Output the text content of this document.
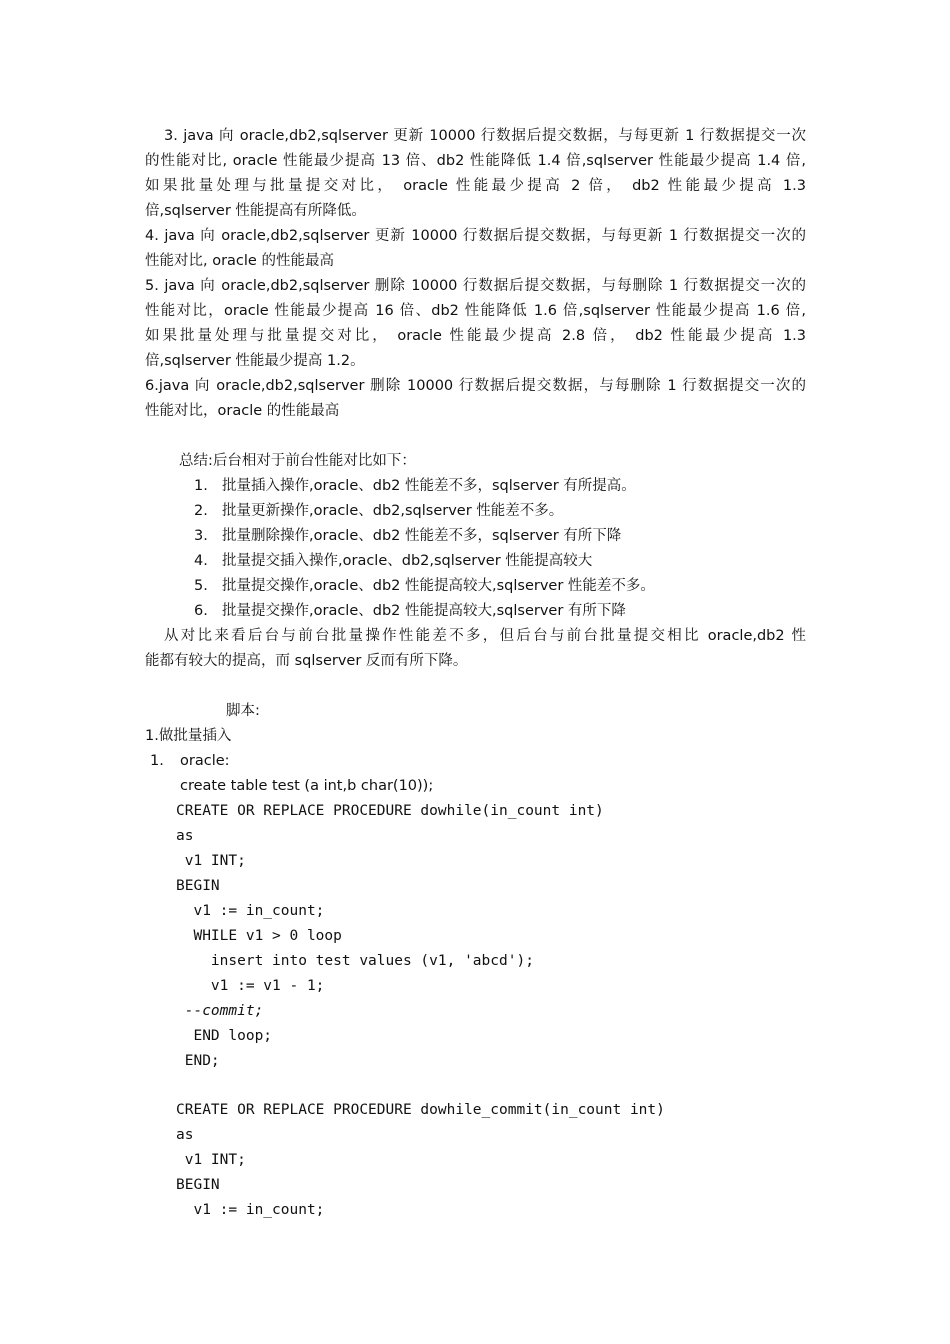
3. java 向 oracle,db2,sqlserver 更新 10000 行数据后提交数据，与每更新 1 行数据提交一次
的性能对比, oracle 性能最少提高 13 倍、db2 性能降低 1.4 倍,sqlserver 性能最少提高 1.4 倍,
如果批量处理与批量提交对比， oracle 性能最少提高 2 倍， db2 性能最少提高 1.3
倍,sqlserver 性能提高有所降低。
4. java 向 oracle,db2,sqlserver 更新 10000 行数据后提交数据，与每更新 1 行数据提交一次的
性能对比, oracle 的性能最高
5. java 向 oracle,db2,sqlserver 删除 10000 行数据后提交数据，与每删除 1 行数据提交一次的
性能对比，oracle 性能最少提高 16 倍、db2 性能降低 1.6 倍,sqlserver 性能最少提高 1.6 倍,
如果批量处理与批量提交对比， oracle 性能最少提高 2.8 倍， db2 性能最少提高 1.3
倍,sqlserver 性能最少提高 1.2。
6.java 向 oracle,db2,sqlserver 删除 10000 行数据后提交数据，与每删除 1 行数据提交一次的
性能对比，oracle 的性能最高
总结:后台相对于前台性能对比如下：
1. 批量插入操作,oracle、db2 性能差不多，sqlserver 有所提高。
2. 批量更新操作,oracle、db2,sqlserver 性能差不多。
3. 批量删除操作,oracle、db2 性能差不多，sqlserver 有所下降
4. 批量提交插入操作,oracle、db2,sqlserver 性能提高较大
5. 批量提交操作,oracle、db2 性能提高较大,sqlserver 性能差不多。
6. 批量提交操作,oracle、db2 性能提高较大,sqlserver 有所下降
从对比来看后台与前台批量操作性能差不多，但后台与前台批量提交相比 oracle,db2 性
能都有较大的提高，而 sqlserver 反而有所下降。
脚本:
1.做批量插入
1. oracle:
create table test (a int,b char(10));
CREATE OR REPLACE PROCEDURE dowhile(in_count int)
as
v1 INT;
BEGIN
v1 := in_count;
WHILE v1 > 0 loop
insert into test values (v1, 'abcd');
v1 := v1 - 1;
--commit;
END loop;
END;
CREATE OR REPLACE PROCEDURE dowhile_commit(in_count int)
as
v1 INT;
BEGIN
v1 := in_count;
